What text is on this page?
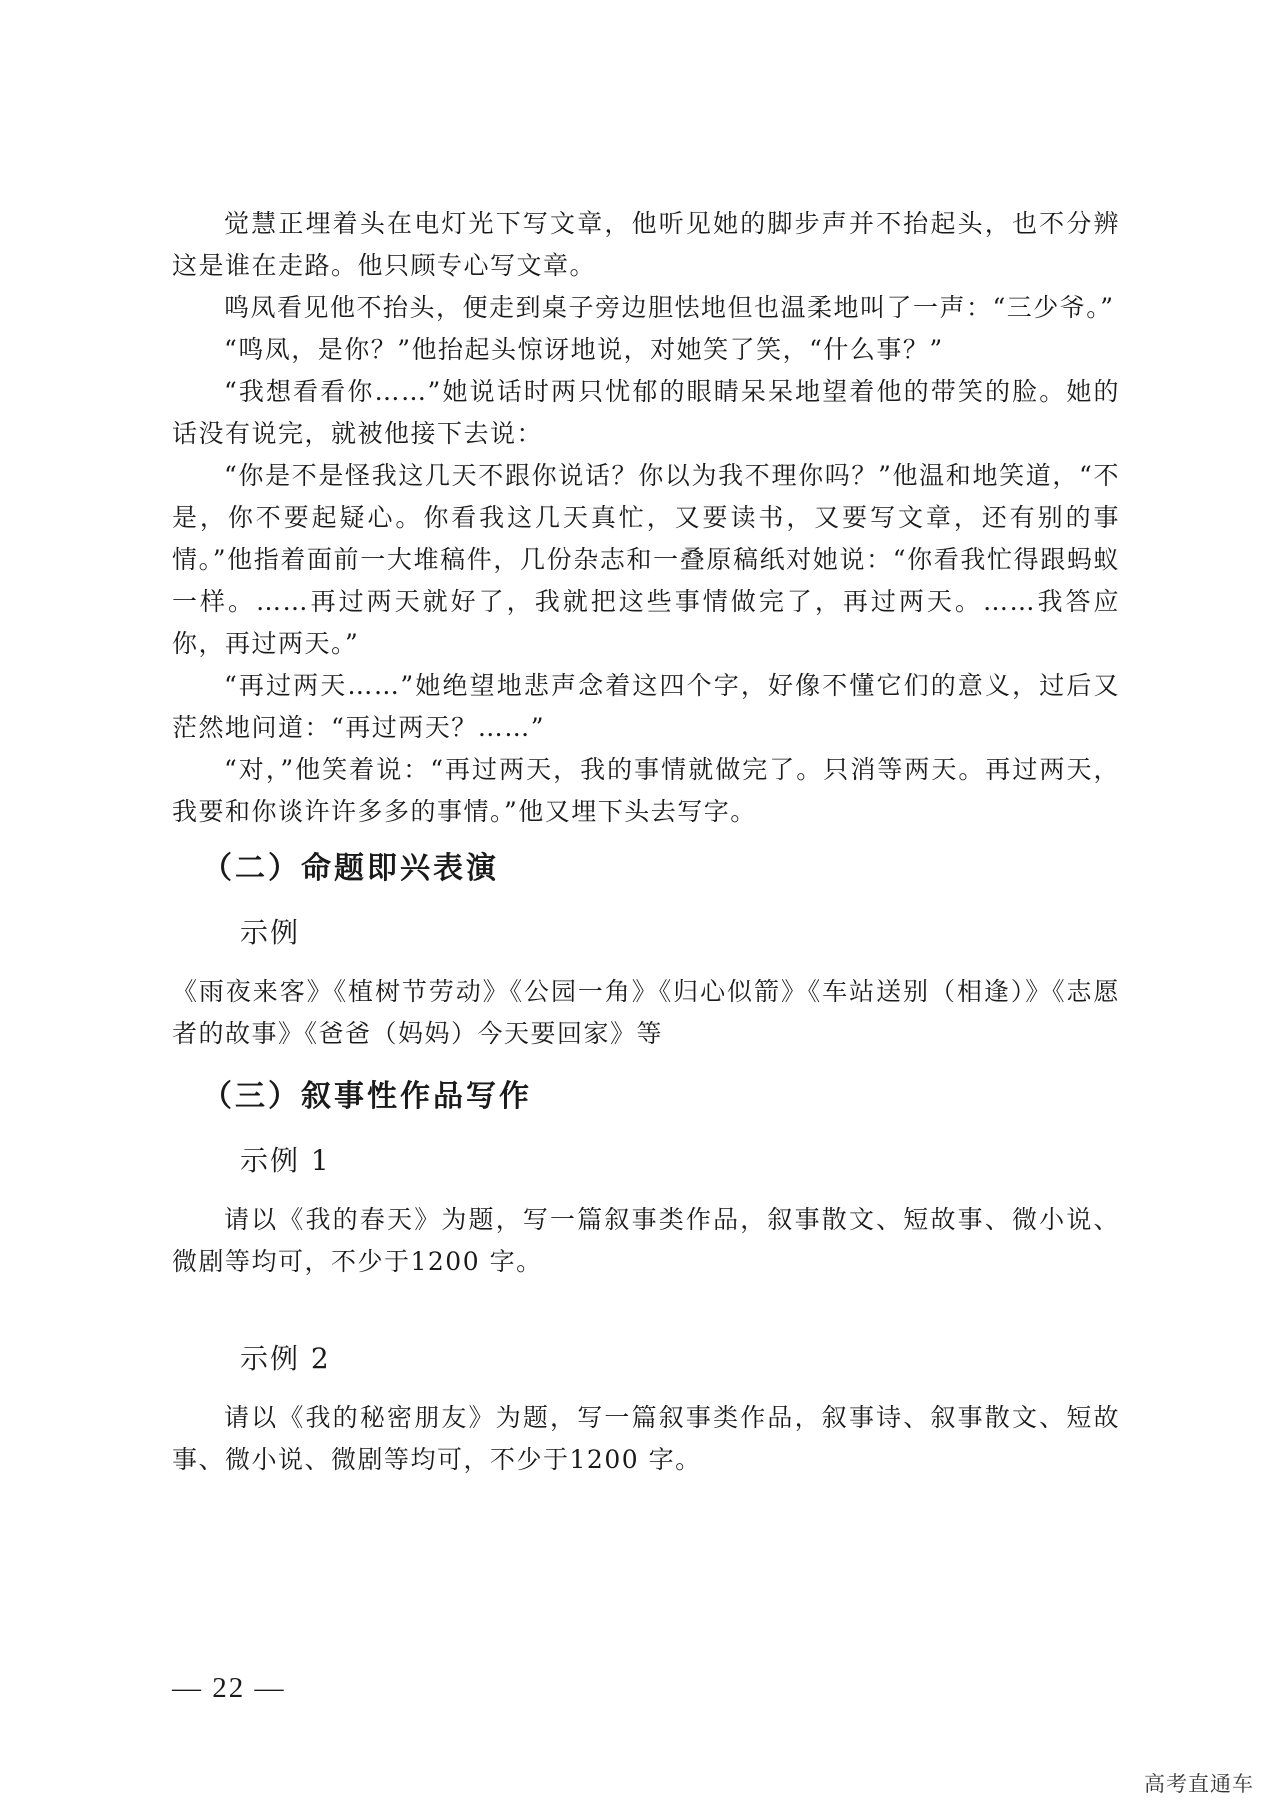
觉慧正埋着头在电灯光下写文章，他听见她的脚步声并不抬起头，也不分辨这是谁在走路。他只顾专心写文章。

鸣凤看见他不抬头，便走到桌子旁边胆怯地但也温柔地叫了一声：“三少爷。”

“鸣凤，是你？”他抬起头惊讶地说，对她笑了笑，“什么事？”

“我想看看你……”她说话时两只忧郁的眼睛呆呆地望着他的带笑的脸。她的话没有说完，就被他接下去说：

“你是不是怪我这几天不跟你说话？你以为我不理你吗？”他温和地笑道，“不是，你不要起疑心。你看我这几天真忙，又要读书，又要写文章，还有别的事情。”他指着面前一大堆稿件，几份杂志和一叠原稿纸对她说：“你看我忙得跟蚂蚁一样。……再过两天就好了，我就把这些事情做完了，再过两天。……我答应你，再过两天。”

“再过两天……”她绝望地悲声念着这四个字，好像不懂它们的意义，过后又茫然地问道：“再过两天？……”

“对，”他笑着说：“再过两天，我的事情就做完了。只消等两天。再过两天，我要和你谈许许多多的事情。”他又埋下头去写字。

（二）命题即兴表演

示例

《雨夜来客》《植树节劳动》《公园一角》《归心似箭》《车站送别（相逢）》《志愿者的故事》《爸爸（妈妈）今天要回家》等

（三）叙事性作品写作

示例 1

请以《我的春天》为题，写一篇叙事类作品，叙事散文、短故事、微小说、微剧等均可，不少于1200 字。

示例 2

请以《我的秘密朋友》为题，写一篇叙事类作品，叙事诗、叙事散文、短故事、微小说、微剧等均可，不少于1200 字。

— 22 —
高考直通车
